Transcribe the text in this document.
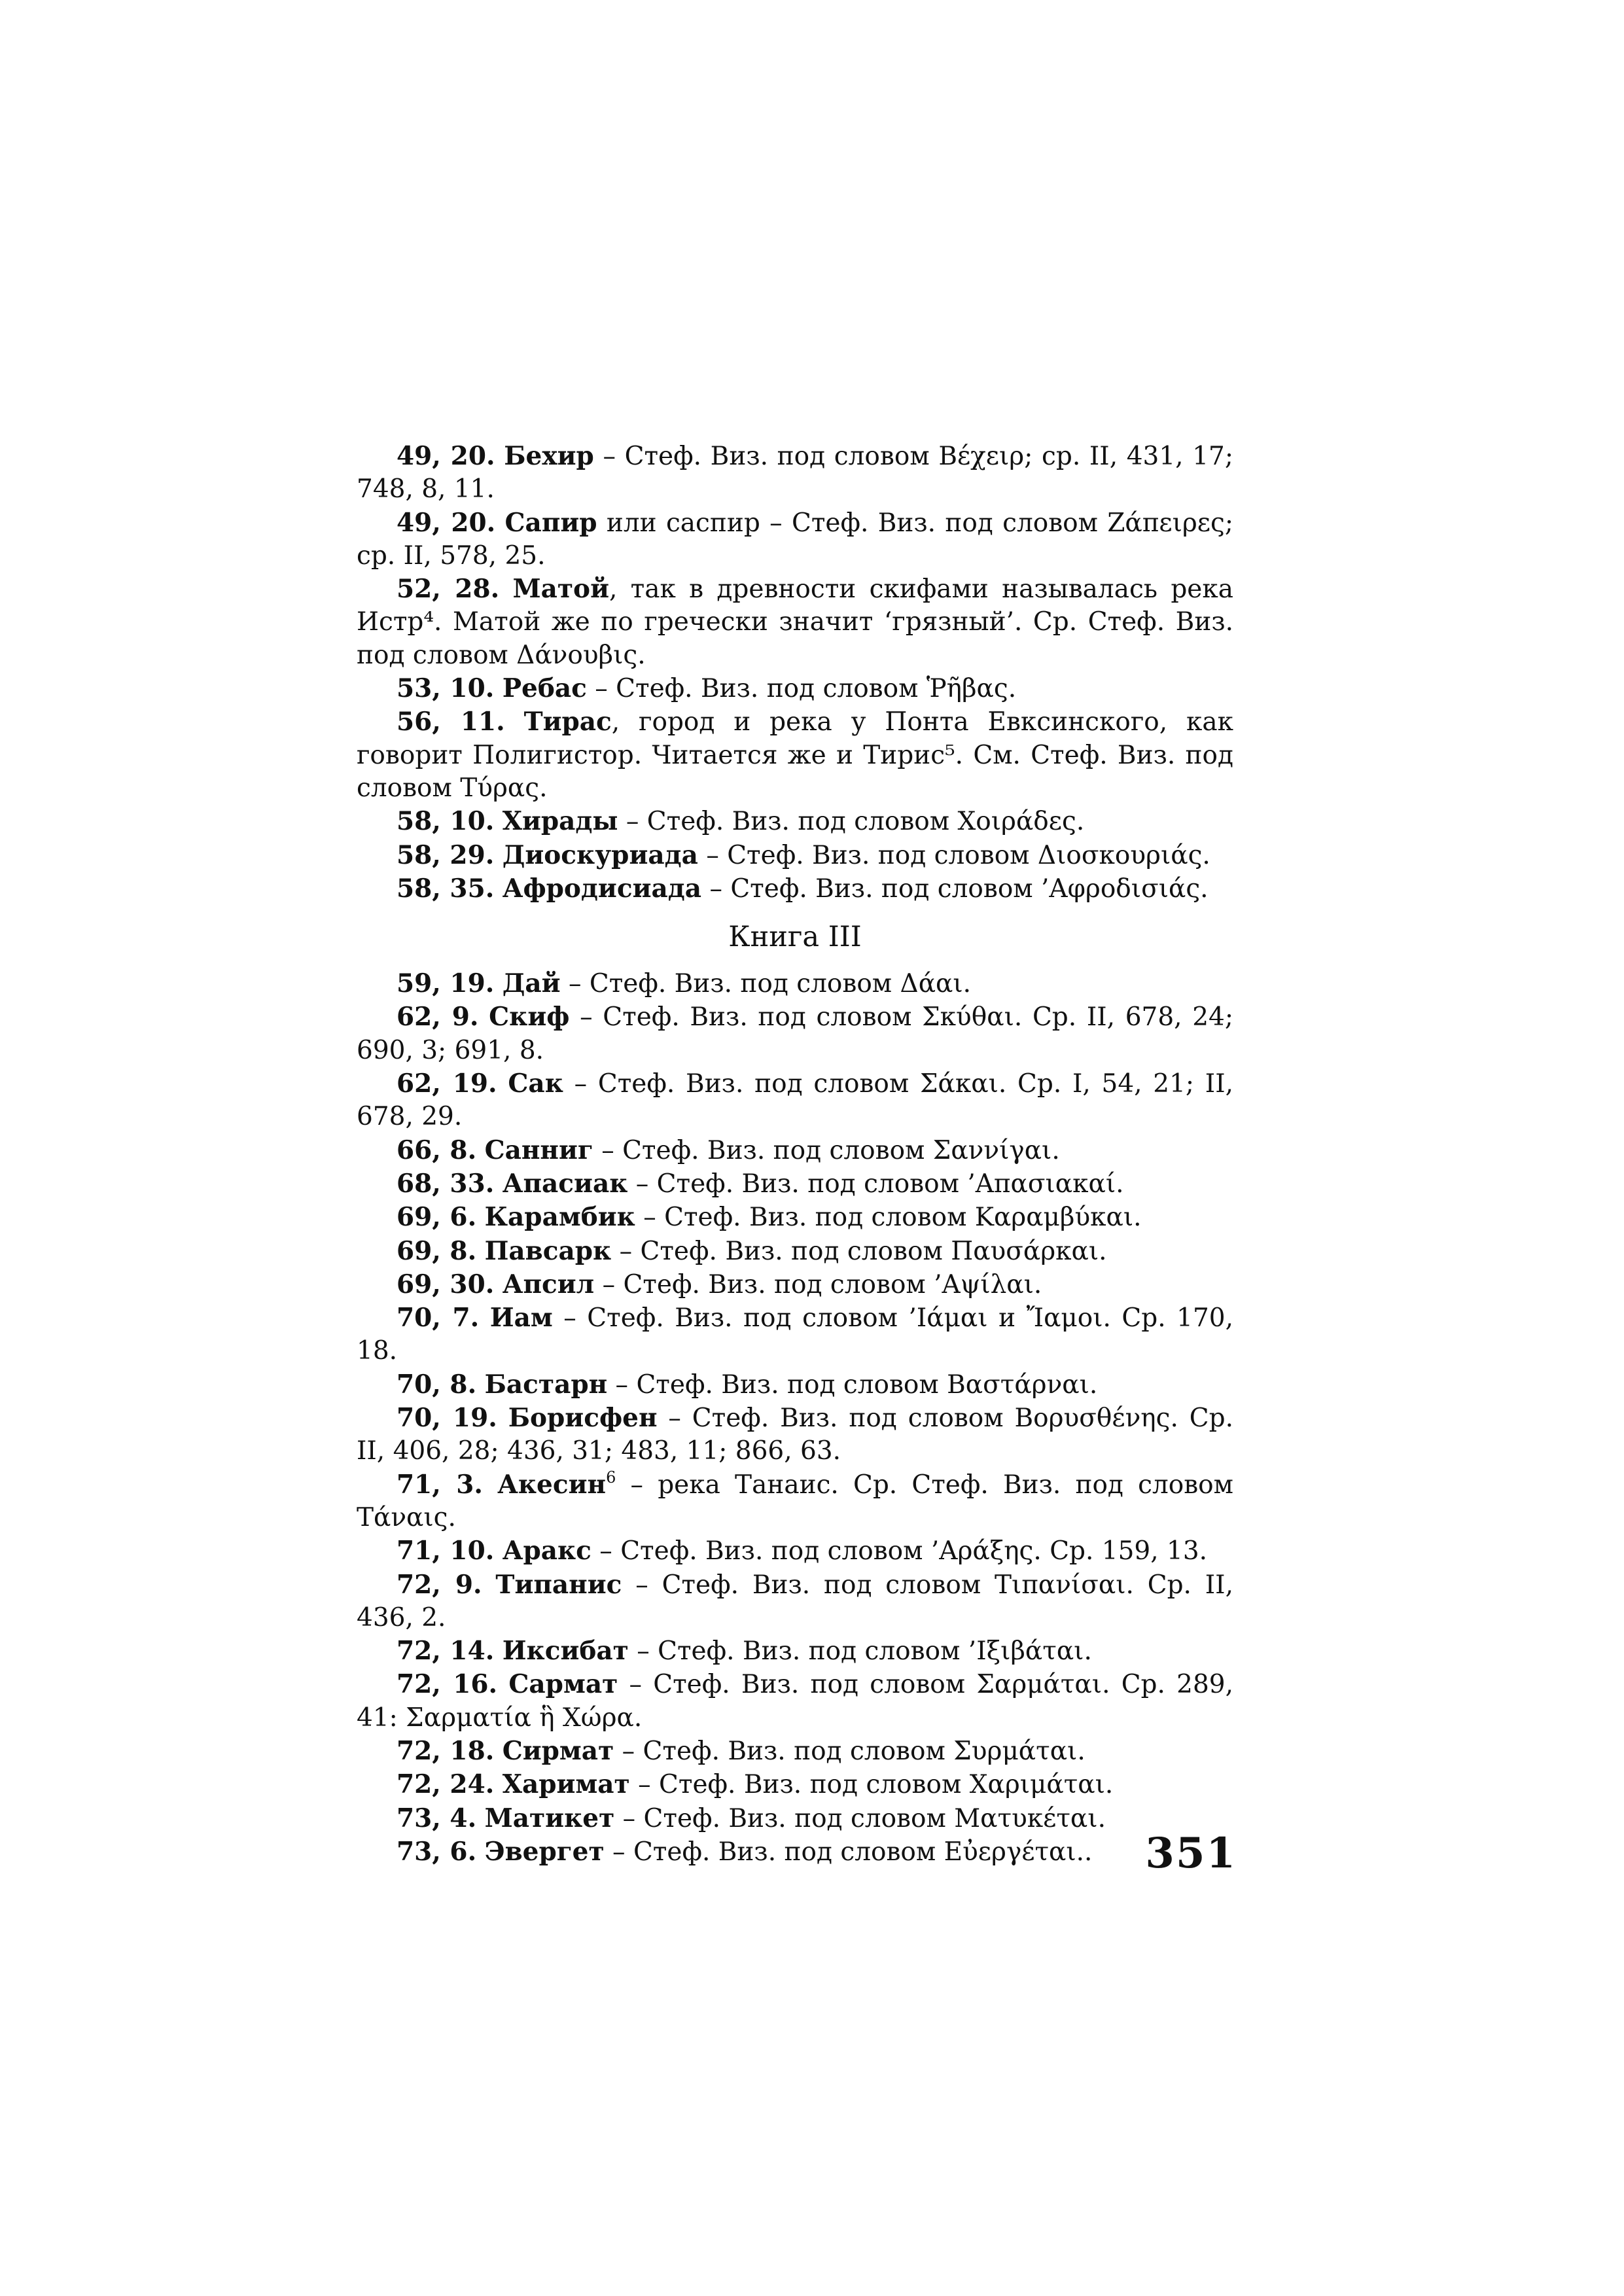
49, 20. Бехир – Стеф. Виз. под словом Βέχειρ; ср. II, 431, 17; 748, 8, 11.

49, 20. Сапир или саспир – Стеф. Виз. под словом Ζάπειρες; ср. II, 578, 25.

52, 28. Матой, так в древности скифами называлась река Истр⁴. Матой же по гречески значит ‘грязный’. Ср. Стеф. Виз. под словом Δάνουβις.

53, 10. Ребас – Стеф. Виз. под словом Ῥῆβας.

56, 11. Тирас, город и река у Понта Евксинского, как говорит Полигистор. Читается же и Тирис⁵. См. Стеф. Виз. под словом Τύρας.

58, 10. Хирады – Стеф. Виз. под словом Χοιράδες.

58, 29. Диоскуриада – Стеф. Виз. под словом Διοσκουριάς.

58, 35. Афродисиада – Стеф. Виз. под словом ’Αφροδισιάς.

Книга III

59, 19. Дай – Стеф. Виз. под словом Δάαι.

62, 9. Скиф – Стеф. Виз. под словом Σκύθαι. Ср. II, 678, 24; 690, 3; 691, 8.

62, 19. Сак – Стеф. Виз. под словом Σάκαι. Ср. I, 54, 21; II, 678, 29.

66, 8. Санниг – Стеф. Виз. под словом Σαννίγαι.

68, 33. Апасиак – Стеф. Виз. под словом ’Απασιακαί.

69, 6. Карамбик – Стеф. Виз. под словом Καραμβύκαι.

69, 8. Павсарк – Стеф. Виз. под словом Παυσάρκαι.

69, 30. Апсил – Стеф. Виз. под словом ’Αψίλαι.

70, 7. Иам – Стеф. Виз. под словом ’Ιάμαι и Ἴαμοι. Ср. 170, 18.

70, 8. Бастарн – Стеф. Виз. под словом Βαστάρναι.

70, 19. Борисфен – Стеф. Виз. под словом Βορυσθένης. Ср. II, 406, 28; 436, 31; 483, 11; 866, 63.

71, 3. Акесин$^6$ – река Танаис. Ср. Стеф. Виз. под словом Τάναις.

71, 10. Аракс – Стеф. Виз. под словом ’Αράξης. Ср. 159, 13.

72, 9. Типанис – Стеф. Виз. под словом Τιπανίσαι. Ср. II, 436, 2.

72, 14. Иксибат – Стеф. Виз. под словом ’Ιξιβάται.

72, 16. Сармат – Стеф. Виз. под словом Σαρμάται. Ср. 289, 41: Σαρματία ἣ Χώρα.

72, 18. Сирмат – Стеф. Виз. под словом Συρμάται.

72, 24. Харимат – Стеф. Виз. под словом Χαριμάται.

73, 4. Матикет – Стеф. Виз. под словом Ματυκέται.

73, 6. Эвергет – Стеф. Виз. под словом Εὐεργέται..	351
